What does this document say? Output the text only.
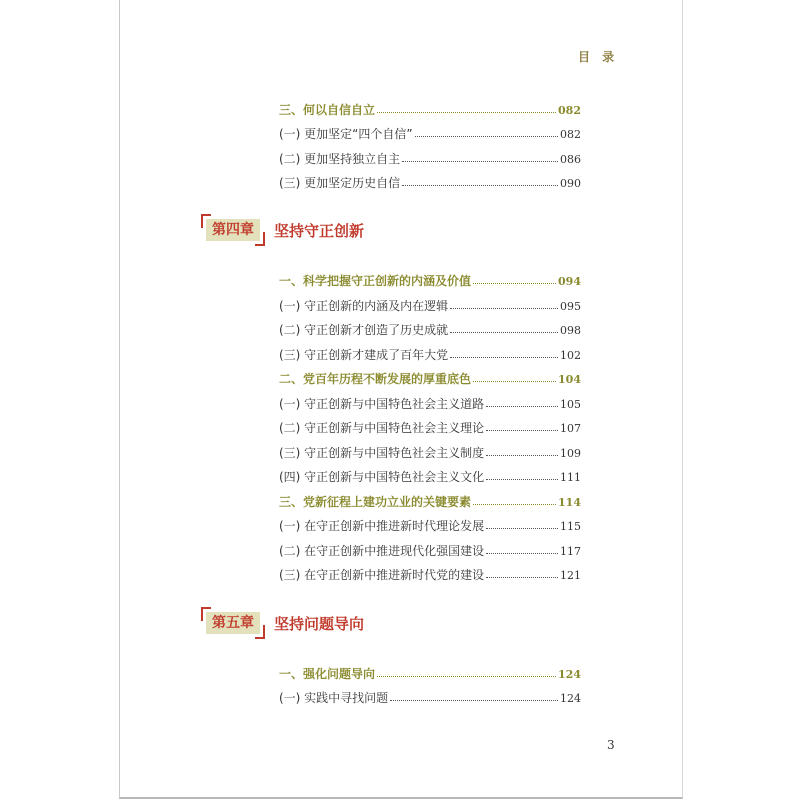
目 录
三、何以自信自立	082
(一) 更加坚定“四个自信”	082
(二) 更加坚持独立自主	086
(三) 更加坚定历史自信	090
第四章	坚持守正创新
一、科学把握守正创新的内涵及价值	094
(一) 守正创新的内涵及内在逻辑	095
(二) 守正创新才创造了历史成就	098
(三) 守正创新才建成了百年大党	102
二、党百年历程不断发展的厚重底色	104
(一) 守正创新与中国特色社会主义道路	105
(二) 守正创新与中国特色社会主义理论	107
(三) 守正创新与中国特色社会主义制度	109
(四) 守正创新与中国特色社会主义文化	111
三、党新征程上建功立业的关键要素	114
(一) 在守正创新中推进新时代理论发展	115
(二) 在守正创新中推进现代化强国建设	117
(三) 在守正创新中推进新时代党的建设	121
第五章	坚持问题导向
一、强化问题导向	124
(一) 实践中寻找问题	124
3
